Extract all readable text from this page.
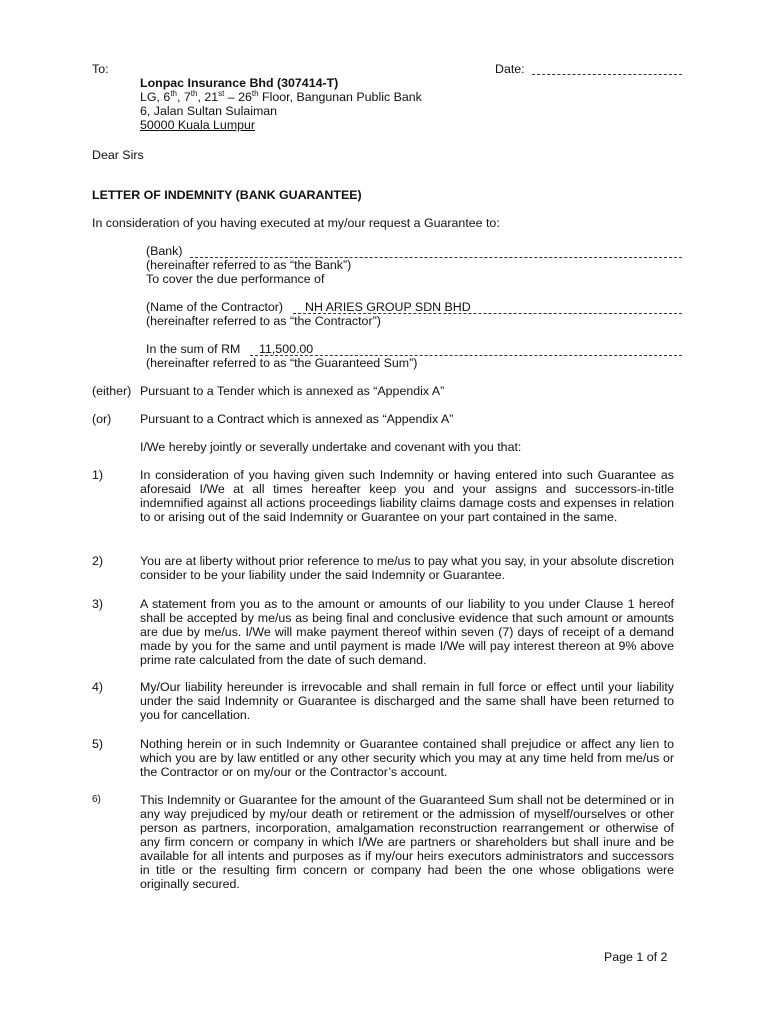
To:	Date:
Lonpac Insurance Bhd (307414-T)
LG, 6th, 7th, 21st – 26th Floor, Bangunan Public Bank
6, Jalan Sultan Sulaiman
50000 Kuala Lumpur
Dear Sirs
LETTER OF INDEMNITY (BANK GUARANTEE)
In consideration of you having executed at my/our request a Guarantee to:
(Bank)
(hereinafter referred to as “the Bank”)
To cover the due performance of
(Name of the Contractor) NH ARIES GROUP SDN BHD
(hereinafter referred to as “the Contractor”)
In the sum of RM 11,500.00
(hereinafter referred to as “the Guaranteed Sum”)
(either) Pursuant to a Tender which is annexed as “Appendix A”
(or) Pursuant to a Contract which is annexed as “Appendix A”
I/We hereby jointly or severally undertake and covenant with you that:
1)	In consideration of you having given such Indemnity or having entered into such Guarantee as aforesaid I/We at all times hereafter keep you and your assigns and successors-in-title indemnified against all actions proceedings liability claims damage costs and expenses in relation to or arising out of the said Indemnity or Guarantee on your part contained in the same.
2)	You are at liberty without prior reference to me/us to pay what you say, in your absolute discretion consider to be your liability under the said Indemnity or Guarantee.
3)	A statement from you as to the amount or amounts of our liability to you under Clause 1 hereof shall be accepted by me/us as being final and conclusive evidence that such amount or amounts are due by me/us. I/We will make payment thereof within seven (7) days of receipt of a demand made by you for the same and until payment is made I/We will pay interest thereon at 9% above prime rate calculated from the date of such demand.
4)	My/Our liability hereunder is irrevocable and shall remain in full force or effect until your liability under the said Indemnity or Guarantee is discharged and the same shall have been returned to you for cancellation.
5)	Nothing herein or in such Indemnity or Guarantee contained shall prejudice or affect any lien to which you are by law entitled or any other security which you may at any time held from me/us or the Contractor or on my/our or the Contractor’s account.
6)	This Indemnity or Guarantee for the amount of the Guaranteed Sum shall not be determined or in any way prejudiced by my/our death or retirement or the admission of myself/ourselves or other person as partners, incorporation, amalgamation reconstruction rearrangement or otherwise of any firm concern or company in which I/We are partners or shareholders but shall inure and be available for all intents and purposes as if my/our heirs executors administrators and successors in title or the resulting firm concern or company had been the one whose obligations were originally secured.
Page 1 of 2
